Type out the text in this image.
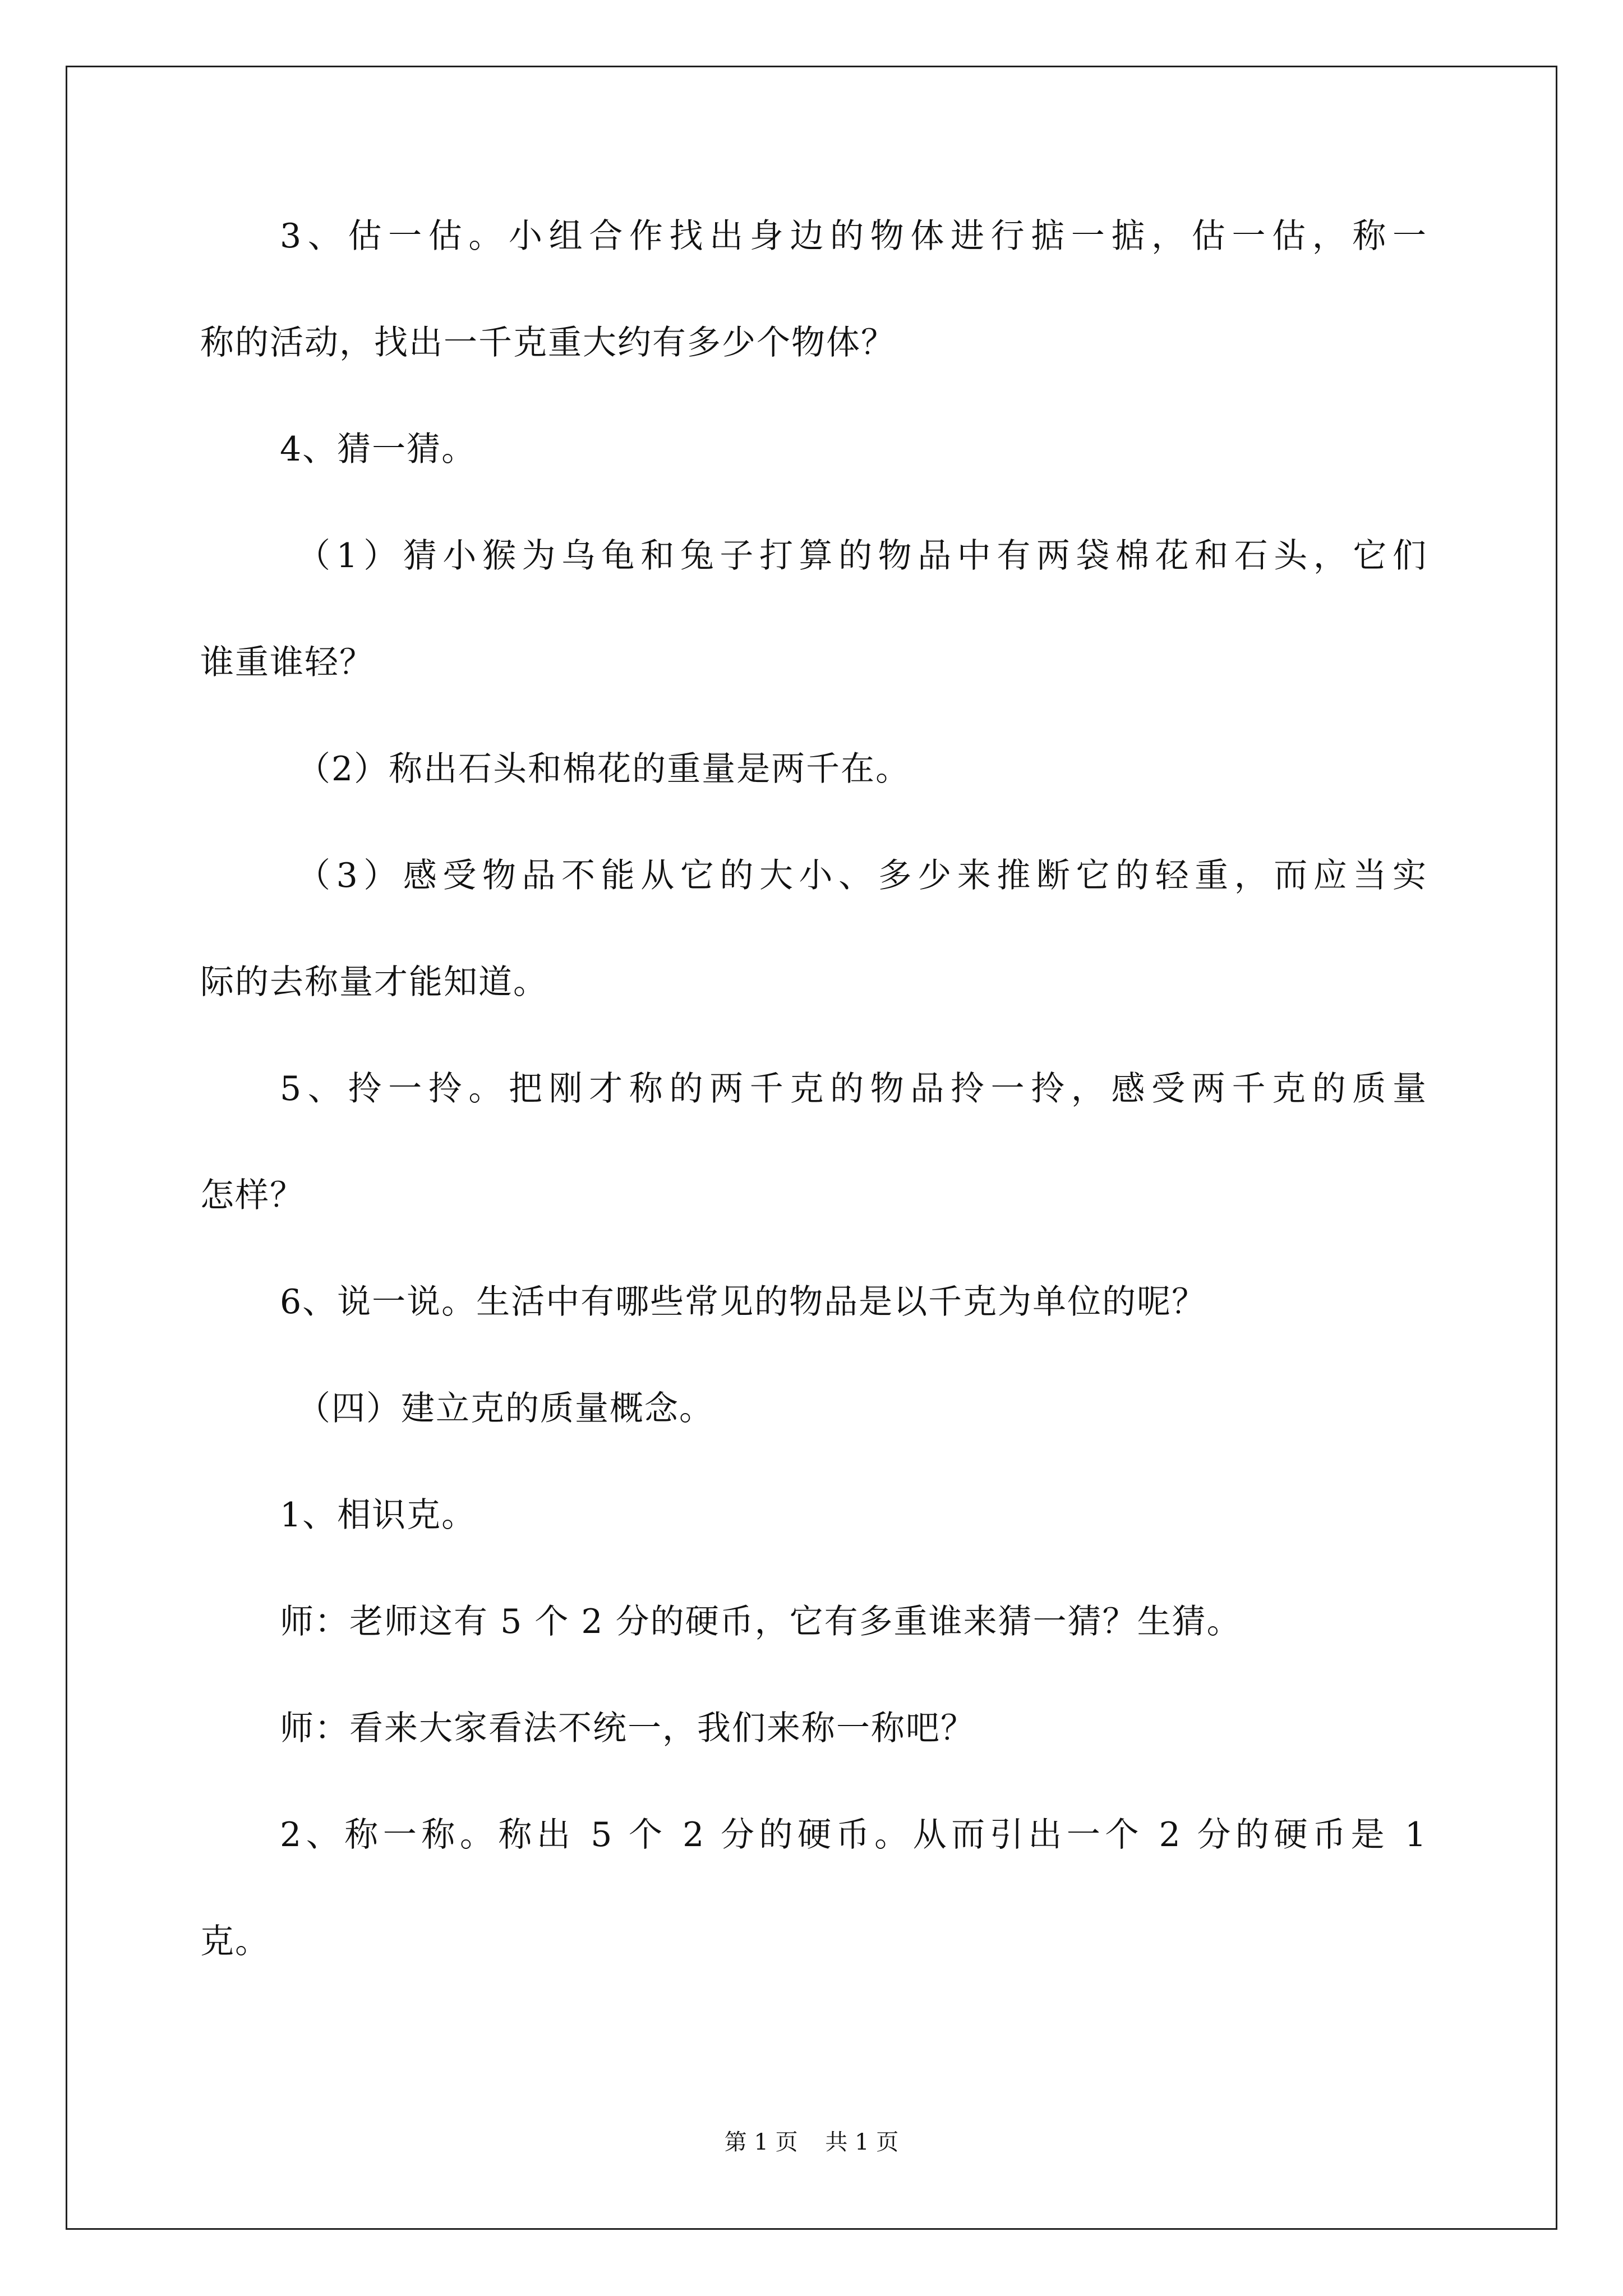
3、估一估。小组合作找出身边的物体进行掂一掂，估一估，称一
称的活动，找出一千克重大约有多少个物体？
4、猜一猜。
（1）猜小猴为乌龟和兔子打算的物品中有两袋棉花和石头，它们
谁重谁轻？
（2）称出石头和棉花的重量是两千在。
（3）感受物品不能从它的大小、多少来推断它的轻重，而应当实
际的去称量才能知道。
5、拎一拎。把刚才称的两千克的物品拎一拎，感受两千克的质量
怎样？
6、说一说。生活中有哪些常见的物品是以千克为单位的呢？
（四）建立克的质量概念。
1、相识克。
师：老师这有 5 个 2 分的硬币，它有多重谁来猜一猜？生猜。
师：看来大家看法不统一，我们来称一称吧？
2、称一称。称出 5 个 2 分的硬币。从而引出一个 2 分的硬币是 1
克。
第 1 页 共 1 页
